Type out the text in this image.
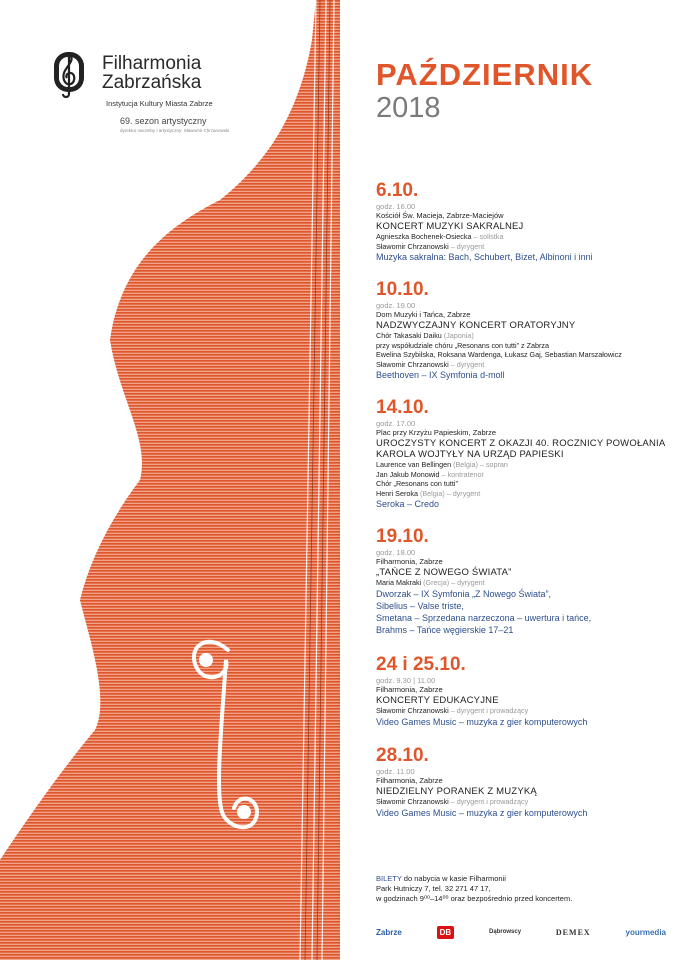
Filharmonia
Zabrzańska
Instytucja Kultury Miasta Zabrze
69. sezon artystyczny
dyrektor naczelny i artystyczny: Sławomir Chrzanowski
PAŹDZIERNIK
2018
6.10.
godz. 16.00
Kościół Św. Macieja, Zabrze-Maciejów
KONCERT MUZYKI SAKRALNEJ
Agnieszka Bochenek-Osiecka – solistka
Sławomir Chrzanowski – dyrygent
Muzyka sakralna: Bach, Schubert, Bizet, Albinoni i inni
10.10.
godz. 19.00
Dom Muzyki i Tańca, Zabrze
NADZWYCZAJNY KONCERT ORATORYJNY
Chór Takasaki Daiku (Japonia)
przy współudziale chóru „Resonans con tutti” z Zabrza
Ewelina Szybilska, Roksana Wardenga, Łukasz Gaj, Sebastian Marszałowicz
Sławomir Chrzanowski – dyrygent
Beethoven – IX Symfonia d-moll
14.10.
godz. 17.00
Plac przy Krzyżu Papieskim, Zabrze
UROCZYSTY KONCERT Z OKAZJI 40. ROCZNICY POWOŁANIA
KAROLA WOJTYŁY NA URZĄD PAPIESKI
Laurence van Bellingen (Belgia) – sopran
Jan Jakub Monowid – kontratenor
Chór „Resonans con tutti”
Henri Seroka (Belgia) – dyrygent
Seroka – Credo
19.10.
godz. 18.00
Filharmonia, Zabrze
„TAŃCE Z NOWEGO ŚWIATA”
Maria Makraki (Grecja) – dyrygent
Dworzak – IX Symfonia „Z Nowego Świata”,
Sibelius – Valse triste,
Smetana – Sprzedana narzeczona – uwertura i tańce,
Brahms – Tańce węgierskie 17–21
24 i 25.10.
godz. 9.30 | 11.00
Filharmonia, Zabrze
KONCERTY EDUKACYJNE
Sławomir Chrzanowski – dyrygent i prowadzący
Video Games Music – muzyka z gier komputerowych
28.10.
godz. 11.00
Filharmonia, Zabrze
NIEDZIELNY PORANEK Z MUZYKĄ
Sławomir Chrzanowski – dyrygent i prowadzący
Video Games Music – muzyka z gier komputerowych
BILETY do nabycia w kasie Filharmonii
Park Hutniczy 7, tel. 32 271 47 17,
w godzinach 9⁰⁰–14⁰⁰ oraz bezpośrednio przed koncertem.
Zabrze	DB	Dąbrowscy	DEMEX	yourmedia
